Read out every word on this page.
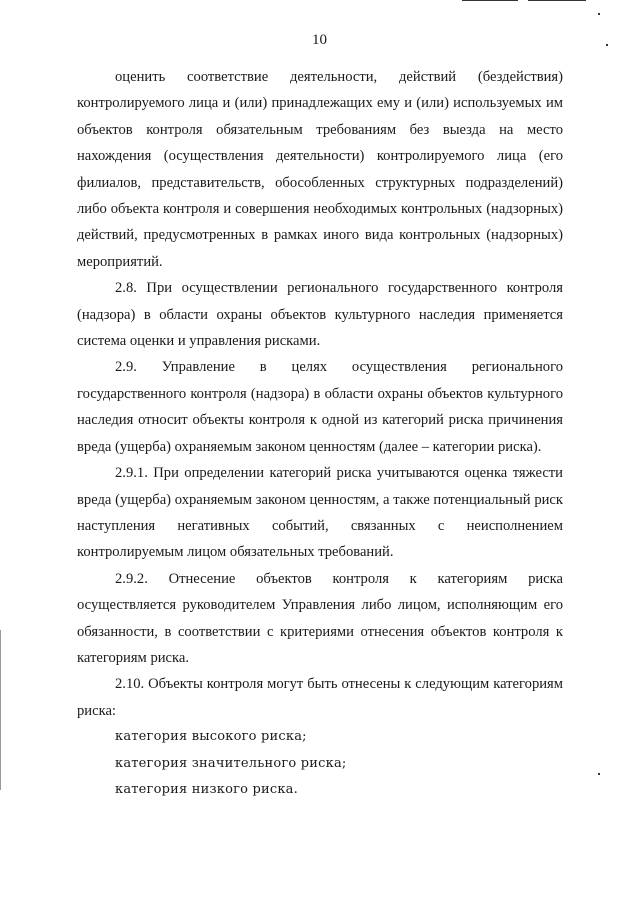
10

оценить соответствие деятельности, действий (бездействия) контролируемого лица и (или) принадлежащих ему и (или) используемых им объектов контроля обязательным требованиям без выезда на место нахождения (осуществления деятельности) контролируемого лица (его филиалов, представительств, обособленных структурных подразделений) либо объекта контроля и совершения необходимых контрольных (надзорных) действий, предусмотренных в рамках иного вида контрольных (надзорных) мероприятий.

2.8. При осуществлении регионального государственного контроля (надзора) в области охраны объектов культурного наследия применяется система оценки и управления рисками.

2.9. Управление в целях осуществления регионального государственного контроля (надзора) в области охраны объектов культурного наследия относит объекты контроля к одной из категорий риска причинения вреда (ущерба) охраняемым законом ценностям (далее – категории риска).

2.9.1. При определении категорий риска учитываются оценка тяжести вреда (ущерба) охраняемым законом ценностям, а также потенциальный риск наступления негативных событий, связанных с неисполнением контролируемым лицом обязательных требований.

2.9.2. Отнесение объектов контроля к категориям риска осуществляется руководителем Управления либо лицом, исполняющим его обязанности, в соответствии с критериями отнесения объектов контроля к категориям риска.

2.10. Объекты контроля могут быть отнесены к следующим категориям риска:

категория высокого риска;

категория значительного риска;

категория низкого риска.
